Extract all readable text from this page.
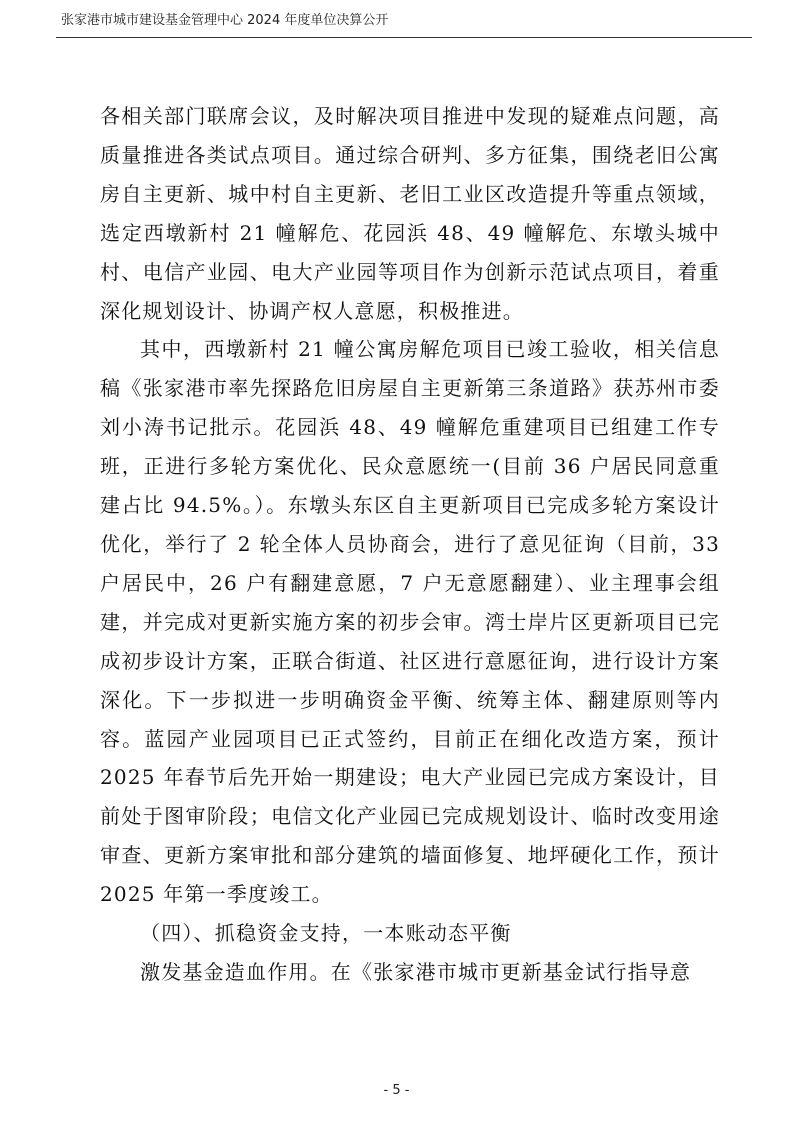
张家港市城市建设基金管理中心 2024 年度单位决算公开

各相关部门联席会议，及时解决项目推进中发现的疑难点问题，高质量推进各类试点项目。通过综合研判、多方征集，围绕老旧公寓房自主更新、城中村自主更新、老旧工业区改造提升等重点领域，选定西墩新村 21 幢解危、花园浜 48、49 幢解危、东墩头城中村、电信产业园、电大产业园等项目作为创新示范试点项目，着重深化规划设计、协调产权人意愿，积极推进。

其中，西墩新村 21 幢公寓房解危项目已竣工验收，相关信息稿《张家港市率先探路危旧房屋自主更新第三条道路》获苏州市委刘小涛书记批示。花园浜 48、49 幢解危重建项目已组建工作专班，正进行多轮方案优化、民众意愿统一(目前 36 户居民同意重建占比 94.5%。）。东墩头东区自主更新项目已完成多轮方案设计优化，举行了 2 轮全体人员协商会，进行了意见征询（目前，33 户居民中，26 户有翻建意愿，7 户无意愿翻建）、业主理事会组建，并完成对更新实施方案的初步会审。湾士岸片区更新项目已完成初步设计方案，正联合街道、社区进行意愿征询，进行设计方案深化。下一步拟进一步明确资金平衡、统筹主体、翻建原则等内容。蓝园产业园项目已正式签约，目前正在细化改造方案，预计 2025 年春节后先开始一期建设；电大产业园已完成方案设计，目前处于图审阶段；电信文化产业园已完成规划设计、临时改变用途审查、更新方案审批和部分建筑的墙面修复、地坪硬化工作，预计 2025 年第一季度竣工。

（四）、抓稳资金支持，一本账动态平衡

激发基金造血作用。在《张家港市城市更新基金试行指导意

- 5 -
